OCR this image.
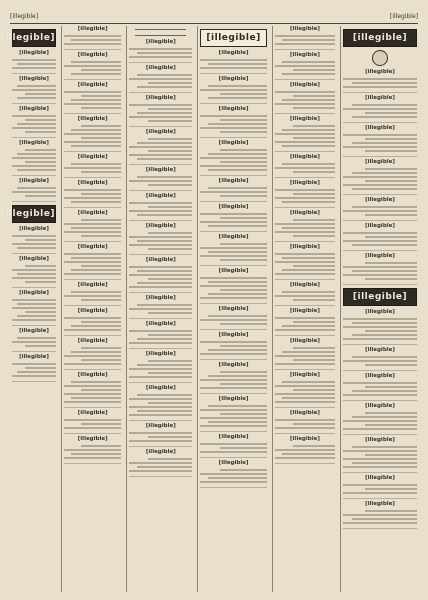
[illegible]
[illegible]
[illegible]
[illegible]
[illegible]
[illegible]
[illegible]
[illegible]
[illegible]
[illegible]
[illegible]
[illegible]
[illegible]
[illegible]
[illegible]
[illegible]
[illegible]
[illegible]
[illegible]
[illegible]
[illegible]
[illegible]
[illegible]
[illegible]
[illegible]
[illegible]
[illegible]
[illegible]
[illegible]
[illegible]
[illegible]
[illegible]
[illegible]
[illegible]
[illegible]
[illegible]
[illegible]
[illegible]
[illegible]
[illegible]
[illegible]
[illegible]
[illegible]
[illegible]
[illegible]
[illegible]
[illegible]
[illegible]
[illegible]
[illegible]
[illegible]
[illegible]
[illegible]
[illegible]
[illegible]
[illegible]
[illegible]
[illegible]
[illegible]
[illegible]
[illegible]
[illegible]
[illegible]
[illegible]
[illegible]
[illegible]
[illegible]
[illegible]
[illegible]
[illegible]
[illegible]
[illegible]
[illegible]
[illegible]
[illegible]
[illegible]
[illegible]
[illegible]
[illegible]
[illegible]
[illegible]
[illegible]
[illegible]
[illegible]
[illegible]
[illegible]
[illegible]
